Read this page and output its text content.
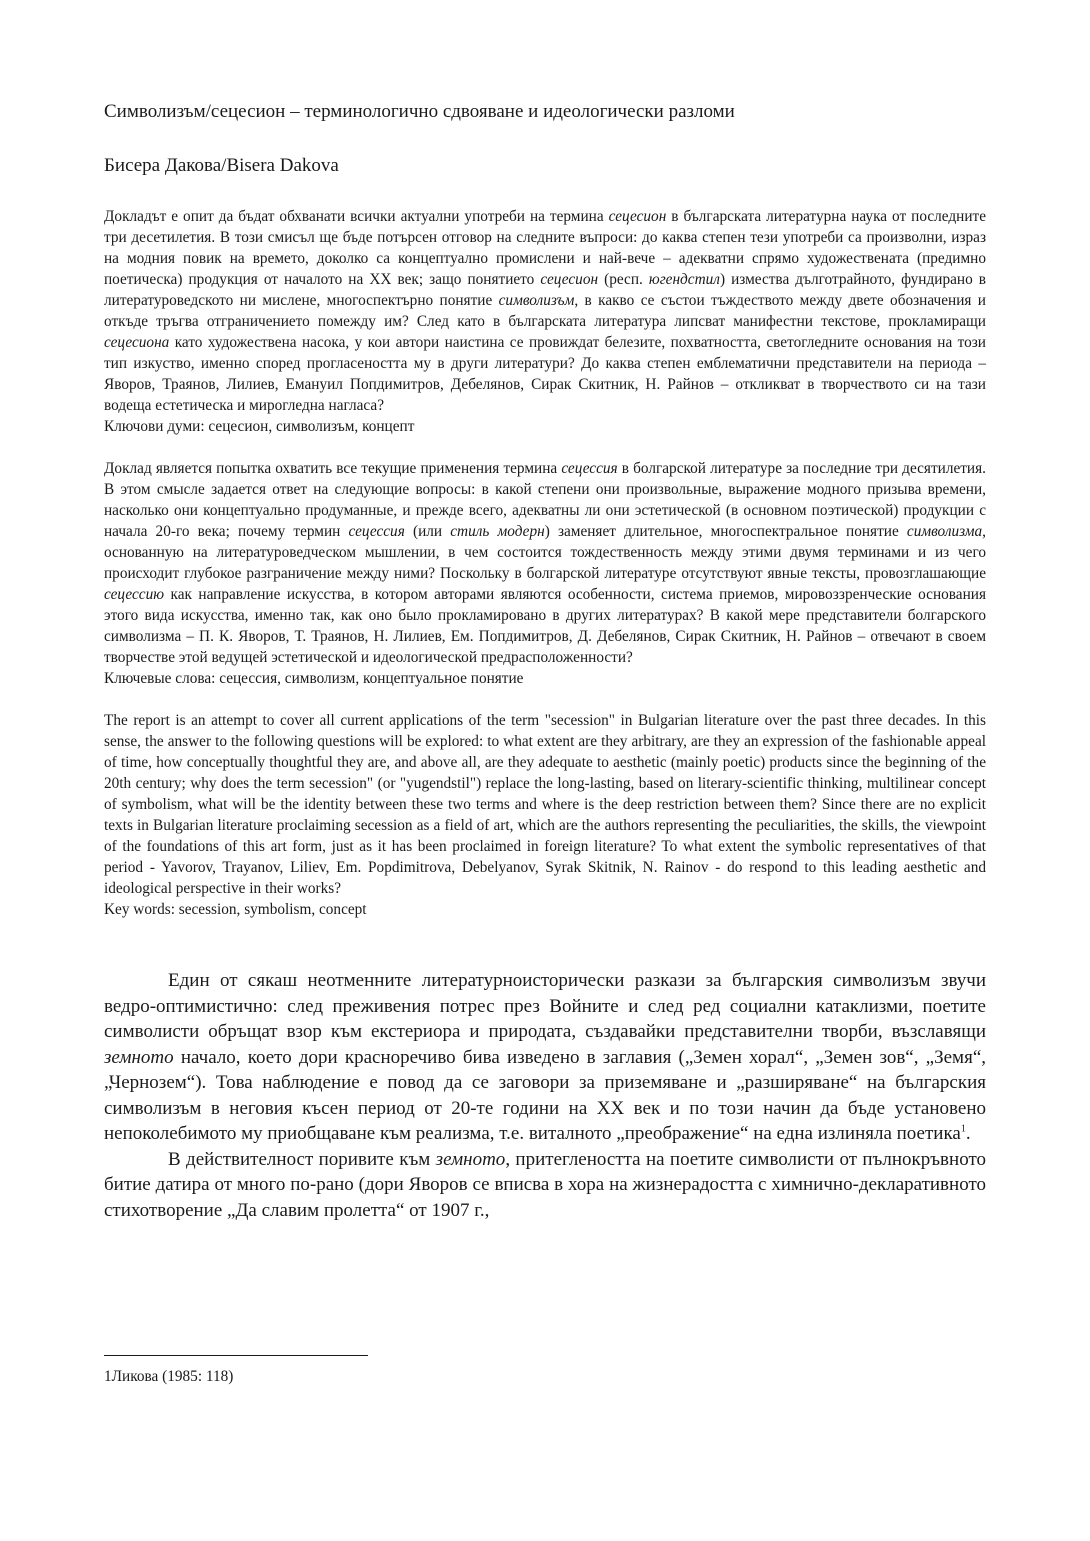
Символизъм/сецесион – терминологично сдвояване и идеологически разломи

Бисера Дакова/Bisera Dakova

Докладът е опит да бъдат обхванати всички актуални употреби на термина сецесион в българската литературна наука от последните три десетилетия. В този смисъл ще бъде потърсен отговор на следните въпроси: до каква степен тези употреби са произволни, израз на модния повик на времето, доколко са концептуално промислени и най-вече – адекватни спрямо художествената (предимно поетическа) продукция от началото на ХХ век; защо понятието сецесион (респ. югендстил) измества дълготрайното, фундирано в литературоведското ни мислене, многоспектърно понятие символизъм, в какво се състои тъждеството между двете обозначения и откъде тръгва отграничението помежду им? След като в българската литература липсват манифестни текстове, прокламиращи сецесиона като художествена насока, у кои автори наистина се провиждат белезите, похватността, светогледните основания на този тип изкуство, именно според прогласеността му в други литератури? До каква степен емблематични представители на периода – Яворов, Траянов, Лилиев, Емануил Попдимитров, Дебелянов, Сирак Скитник, Н. Райнов – откликват в творчеството си на тази водеща естетическа и мирогледна нагласа?

Ключови думи: сецесион, символизъм, концепт

Доклад является попытка охватить все текущие применения термина сецессия в болгарской литературе за последние три десятилетия. В этом смысле задается ответ на следующие вопросы: в какой степени они произвольные, выражение модного призыва времени, насколько они концептуально продуманные, и прежде всего, адекватны ли они эстетической (в основном поэтической) продукции с начала 20-го века; почему термин сецессия (или стиль модерн) заменяет длительное, многоспектральное понятие символизма, основанную на литературоведческом мышлении, в чем состоится тождественность между этими двумя терминами и из чего происходит глубокое разграничение между ними? Поскольку в болгарской литературе отсутствуют явные тексты, провозглашающие сецессию как направление искусства, в котором авторами являются особенности, система приемов, мировоззренческие основания этого вида искусства, именно так, как оно было проклaмировано в других литературах? В какой мере представители болгарского символизма – П. К. Яворов, Т. Траянов, Н. Лилиев, Ем. Попдимитров, Д. Дебелянов, Сирак Скитник, Н. Райнов – отвечают в своем творчестве этой ведущей эстетической и идеологической предрасположенности?

Ключевые слова: сецессия, символизм, концептуальное понятие

The report is an attempt to cover all current applications of the term "secession" in Bulgarian literature over the past three decades. In this sense, the answer to the following questions will be explored: to what extent are they arbitrary, are they an expression of the fashionable appeal of time, how conceptually thoughtful they are, and above all, are they adequate to aesthetic (mainly poetic) products since the beginning of the 20th century; why does the term secession" (or "yugendstil") replace the long-lasting, based on literary-scientific thinking, multilinear concept of symbolism, what will be the identity between these two terms and where is the deep restriction between them? Since there are no explicit texts in Bulgarian literature proclaiming secession as a field of art, which are the authors representing the peculiarities, the skills, the viewpoint of the foundations of this art form, just as it has been proclaimed in foreign literature? To what extent the symbolic representatives of that period - Yavorov, Trayanov, Liliev, Em. Popdimitrova, Debelyanov, Syrak Skitnik, N. Rainov - do respond to this leading aesthetic and ideological perspective in their works?

Key words: secession, symbolism, concept

Един от сякаш неотменните литературноисторически разкази за българския символизъм звучи ведро-оптимистично: след преживения потрес през Войните и след ред социални катаклизми, поетите символисти обръщат взор към екстериора и природата, създавайки представителни творби, възславящи земното начало, което дори красноречиво бива изведено в заглавия („Земен хорал“, „Земен зов“, „Земя“, „Чернозем“). Това наблюдение е повод да се заговори за приземяване и „разширяване“ на българския символизъм в неговия късен период от 20-те години на ХХ век и по този начин да бъде установено непоколебимото му приобщаване към реализма, т.е. виталното „преображение“ на една излиняла поетика$^1$.

В действителност поривите към земното, притеглеността на поетите символисти от пълнокръвното битие датира от много по-рано (дори Яворов се вписва в хора на жизнерадостта с химнично-декларативното стихотворение „Да славим пролетта“ от 1907 г.,

1Ликова (1985: 118)
